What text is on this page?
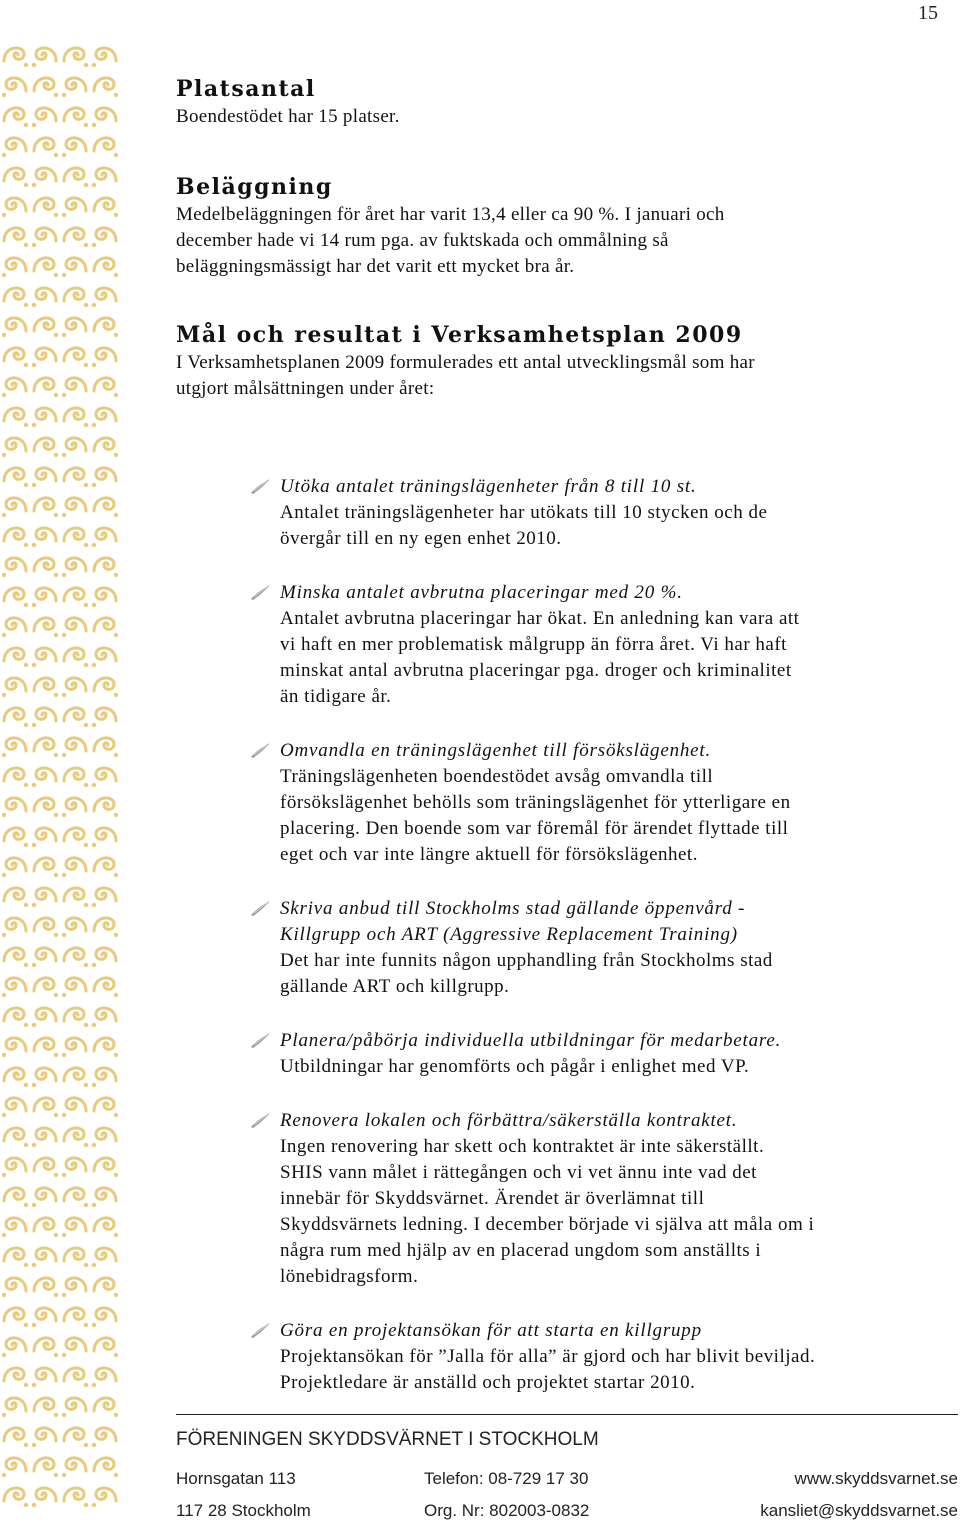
15
Platsantal

Boendestödet har 15 platser.

Beläggning

Medelbeläggningen för året har varit 13,4 eller ca 90 %. I januari och

december hade vi 14 rum pga. av fuktskada och ommålning så

beläggningsmässigt har det varit ett mycket bra år.

Mål och resultat i Verksamhetsplan 2009

I Verksamhetsplanen 2009 formulerades ett antal utvecklingsmål som har

utgjort målsättningen under året:

Utöka antalet träningslägenheter från 8 till 10 st.

Antalet träningslägenheter har utökats till 10 stycken och de

övergår till en ny egen enhet 2010.

Minska antalet avbrutna placeringar med 20 %.

Antalet avbrutna placeringar har ökat. En anledning kan vara att

vi haft en mer problematisk målgrupp än förra året. Vi har haft

minskat antal avbrutna placeringar pga. droger och kriminalitet

än tidigare år.

Omvandla en träningslägenhet till försökslägenhet.

Träningslägenheten boendestödet avsåg omvandla till

försökslägenhet behölls som träningslägenhet för ytterligare en

placering. Den boende som var föremål för ärendet flyttade till

eget och var inte längre aktuell för försökslägenhet.

Skriva anbud till Stockholms stad gällande öppenvård -

Killgrupp och ART (Aggressive Replacement Training)

Det har inte funnits någon upphandling från Stockholms stad

gällande ART och killgrupp.

Planera/påbörja individuella utbildningar för medarbetare.

Utbildningar har genomförts och pågår i enlighet med VP.

Renovera lokalen och förbättra/säkerställa kontraktet.

Ingen renovering har skett och kontraktet är inte säkerställt.

SHIS vann målet i rättegången och vi vet ännu inte vad det

innebär för Skyddsvärnet. Ärendet är överlämnat till

Skyddsvärnets ledning. I december började vi själva att måla om i

några rum med hjälp av en placerad ungdom som anställts i

lönebidragsform.

Göra en projektansökan för att starta en killgrupp

Projektansökan för ”Jalla för alla” är gjord och har blivit beviljad.

Projektledare är anställd och projektet startar 2010.

FÖRENINGEN SKYDDSVÄRNET I STOCKHOLM

Hornsgatan 113	Telefon: 08-729 17 30	www.skyddsvarnet.se
117 28 Stockholm	Org. Nr: 802003-0832	kansliet@skyddsvarnet.se
